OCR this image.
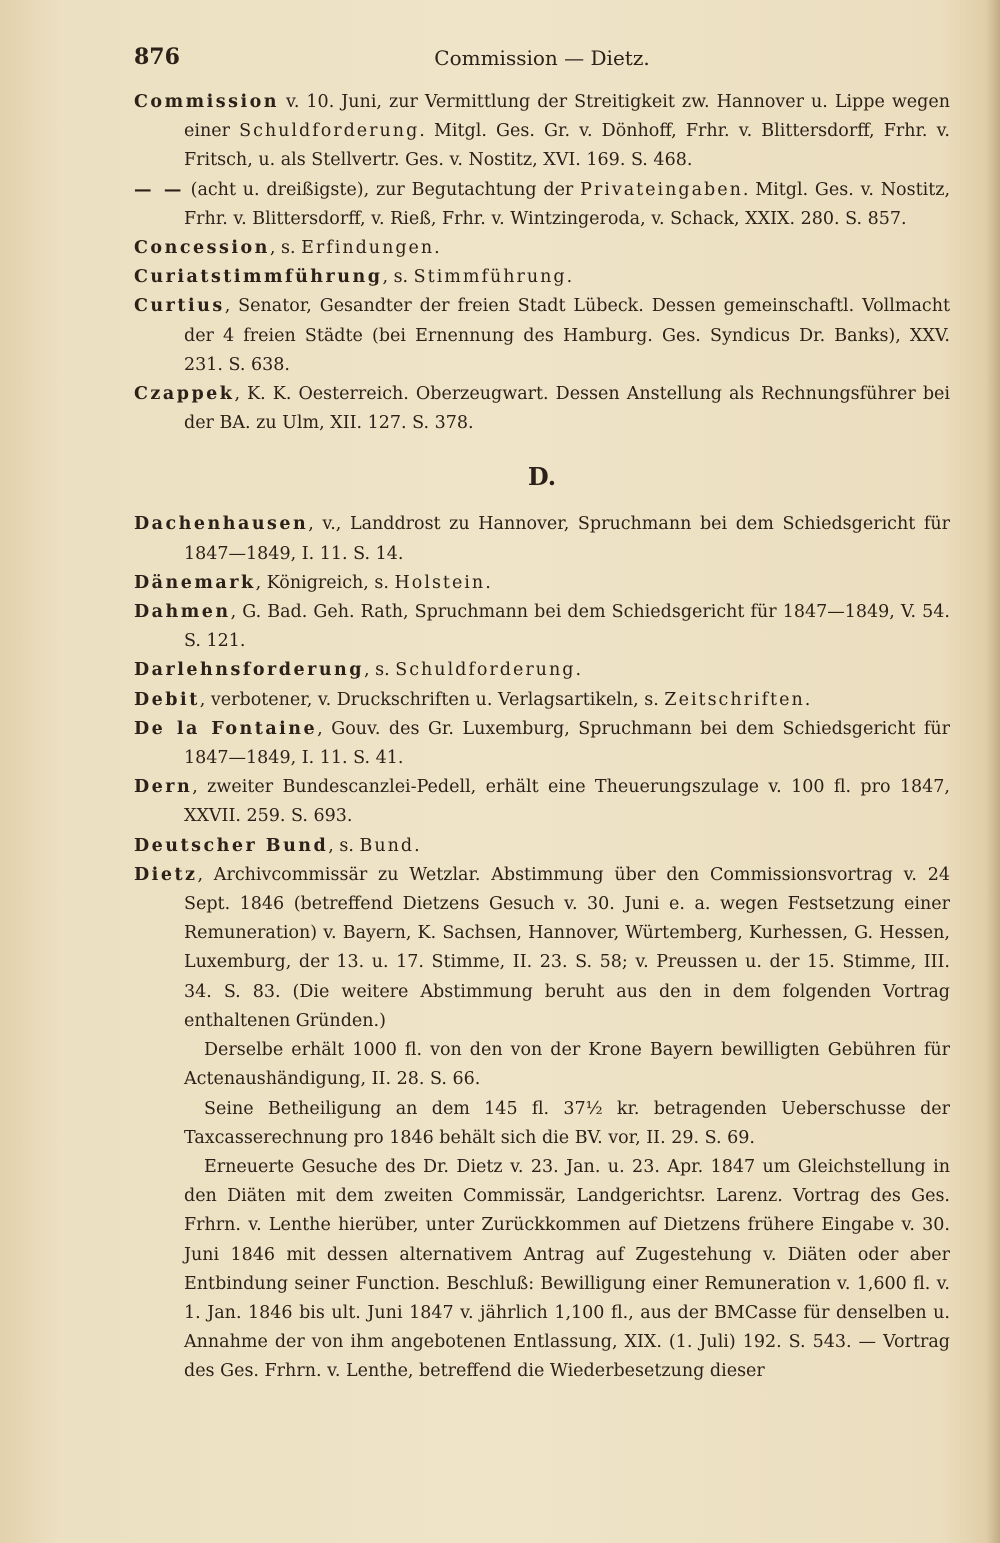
876	Commission — Dietz.

Commission v. 10. Juni, zur Vermittlung der Streitigkeit zw. Hannover u. Lippe wegen einer Schuldforderung. Mitgl. Ges. Gr. v. Dönhoff, Frhr. v. Blittersdorff, Frhr. v. Fritsch, u. als Stellvertr. Ges. v. Nostitz, XVI. 169. S. 468.

— — (acht u. dreißigste), zur Begutachtung der Privateingaben. Mitgl. Ges. v. Nostitz, Frhr. v. Blittersdorff, v. Rieß, Frhr. v. Wintzingeroda, v. Schack, XXIX. 280. S. 857.

Concession, s. Erfindungen.

Curiatstimmführung, s. Stimmführung.

Curtius, Senator, Gesandter der freien Stadt Lübeck. Dessen gemeinschaftl. Vollmacht der 4 freien Städte (bei Ernennung des Hamburg. Ges. Syndicus Dr. Banks), XXV. 231. S. 638.

Czappek, K. K. Oesterreich. Oberzeugwart. Dessen Anstellung als Rechnungsführer bei der BA. zu Ulm, XII. 127. S. 378.

D.

Dachenhausen, v., Landdrost zu Hannover, Spruchmann bei dem Schiedsgericht für 1847—1849, I. 11. S. 14.

Dänemark, Königreich, s. Holstein.

Dahmen, G. Bad. Geh. Rath, Spruchmann bei dem Schiedsgericht für 1847—1849, V. 54. S. 121.

Darlehnsforderung, s. Schuldforderung.

Debit, verbotener, v. Druckschriften u. Verlagsartikeln, s. Zeitschriften.

De la Fontaine, Gouv. des Gr. Luxemburg, Spruchmann bei dem Schiedsgericht für 1847—1849, I. 11. S. 41.

Dern, zweiter Bundescanzlei-Pedell, erhält eine Theuerungszulage v. 100 fl. pro 1847, XXVII. 259. S. 693.

Deutscher Bund, s. Bund.

Dietz, Archivcommissär zu Wetzlar. Abstimmung über den Commissionsvortrag v. 24 Sept. 1846 (betreffend Dietzens Gesuch v. 30. Juni e. a. wegen Festsetzung einer Remuneration) v. Bayern, K. Sachsen, Hannover, Würtemberg, Kurhessen, G. Hessen, Luxemburg, der 13. u. 17. Stimme, II. 23. S. 58; v. Preussen u. der 15. Stimme, III. 34. S. 83. (Die weitere Abstimmung beruht aus den in dem folgenden Vortrag enthaltenen Gründen.)

Derselbe erhält 1000 fl. von den von der Krone Bayern bewilligten Gebühren für Actenaushändigung, II. 28. S. 66.

Seine Betheiligung an dem 145 fl. 37½ kr. betragenden Ueberschusse der Taxcasserechnung pro 1846 behält sich die BV. vor, II. 29. S. 69.

Erneuerte Gesuche des Dr. Dietz v. 23. Jan. u. 23. Apr. 1847 um Gleichstellung in den Diäten mit dem zweiten Commissär, Landgerichtsr. Larenz. Vortrag des Ges. Frhrn. v. Lenthe hierüber, unter Zurückkommen auf Dietzens frühere Eingabe v. 30. Juni 1846 mit dessen alternativem Antrag auf Zugestehung v. Diäten oder aber Entbindung seiner Function. Beschluß: Bewilligung einer Remuneration v. 1,600 fl. v. 1. Jan. 1846 bis ult. Juni 1847 v. jährlich 1,100 fl., aus der BMCasse für denselben u. Annahme der von ihm angebotenen Entlassung, XIX. (1. Juli) 192. S. 543. — Vortrag des Ges. Frhrn. v. Lenthe, betreffend die Wiederbesetzung dieser
